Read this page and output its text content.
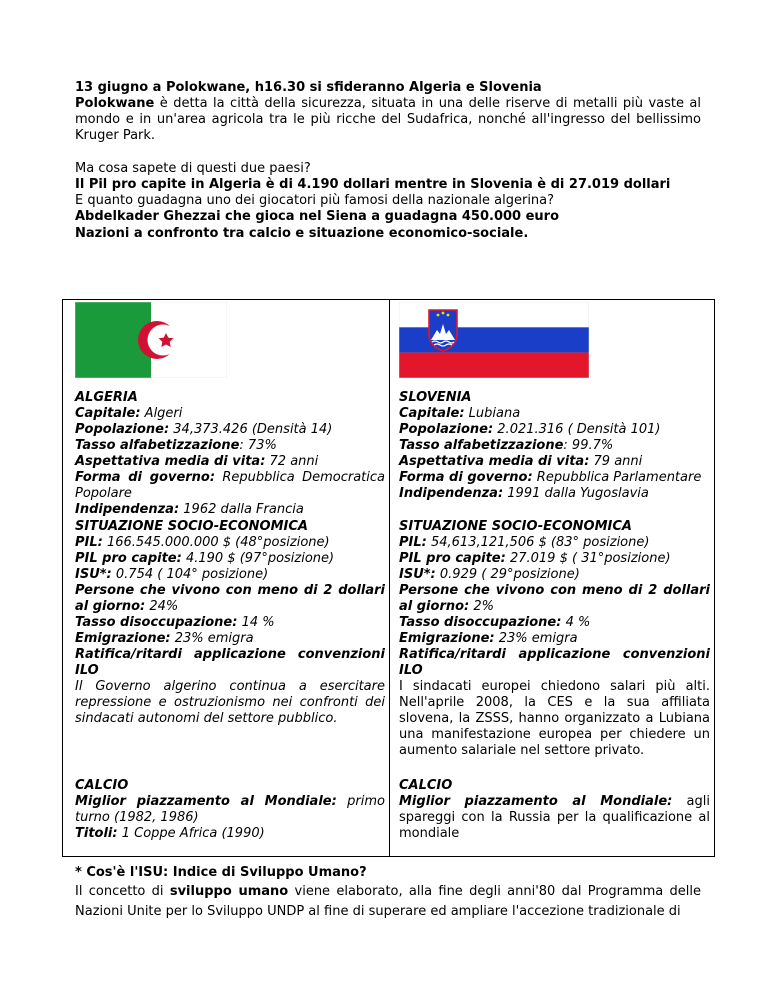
13 giugno a Polokwane, h16.30 si sfideranno Algeria e Slovenia

Polokwane è detta la città della sicurezza, situata in una delle riserve di metalli più vaste al mondo e in un'area agricola tra le più ricche del Sudafrica, nonché all'ingresso del bellissimo Kruger Park.

Ma cosa sapete di questi due paesi?

Il Pil pro capite in Algeria è di 4.190 dollari mentre in Slovenia è di 27.019 dollari

E quanto guadagna uno dei giocatori più famosi della nazionale algerina?

Abdelkader Ghezzai che gioca nel Siena a guadagna 450.000 euro

Nazioni a confronto tra calcio e situazione economico-sociale.

ALGERIA

Capitale: Algeri

Popolazione: 34,373.426 (Densità 14)

Tasso alfabetizzazione: 73%

Aspettativa media di vita: 72 anni

Forma di governo: Repubblica Democratica Popolare

Indipendenza: 1962 dalla Francia

SITUAZIONE SOCIO-ECONOMICA

PIL: 166.545.000.000 $ (48°posizione)

PIL pro capite: 4.190 $ (97°posizione)

ISU*: 0.754 ( 104° posizione)

Persone che vivono con meno di 2 dollari al giorno: 24%

Tasso disoccupazione: 14 %

Emigrazione: 23% emigra

Ratifica/ritardi applicazione convenzioni ILO

Il Governo algerino continua a esercitare repressione e ostruzionismo nei confronti dei sindacati autonomi del settore pubblico.

CALCIO

Miglior piazzamento al Mondiale: primo turno (1982, 1986)

Titoli: 1 Coppe Africa (1990)

SLOVENIA

Capitale: Lubiana

Popolazione: 2.021.316 ( Densità 101)

Tasso alfabetizzazione: 99.7%

Aspettativa media di vita: 79 anni

Forma di governo: Repubblica Parlamentare

Indipendenza: 1991 dalla Yugoslavia

SITUAZIONE SOCIO-ECONOMICA

PIL: 54,613,121,506 $ (83° posizione)

PIL pro capite: 27.019 $ ( 31°posizione)

ISU*: 0.929 ( 29°posizione)

Persone che vivono con meno di 2 dollari al giorno: 2%

Tasso disoccupazione: 4 %

Emigrazione: 23% emigra

Ratifica/ritardi applicazione convenzioni ILO

I sindacati europei chiedono salari più alti. Nell'aprile 2008, la CES e la sua affiliata slovena, la ZSSS, hanno organizzato a Lubiana una manifestazione europea per chiedere un aumento salariale nel settore privato.

CALCIO

Miglior piazzamento al Mondiale: agli spareggi con la Russia per la qualificazione al mondiale

* Cos'è l'ISU: Indice di Sviluppo Umano?

Il concetto di sviluppo umano viene elaborato, alla fine degli anni'80 dal Programma delle Nazioni Unite per lo Sviluppo UNDP al fine di superare ed ampliare l'accezione tradizionale di
